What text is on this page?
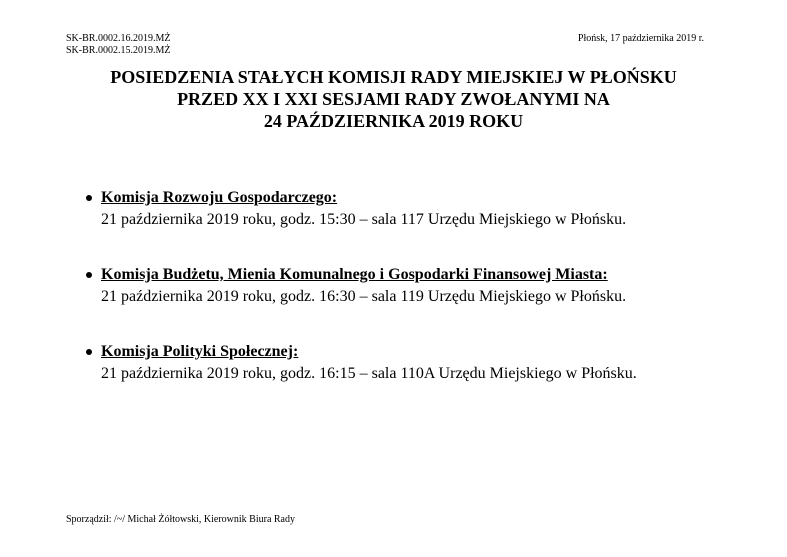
SK-BR.0002.16.2019.MŻ
SK-BR.0002.15.2019.MŻ
Płońsk, 17 października 2019 r.
POSIEDZENIA STAŁYCH KOMISJI RADY MIEJSKIEJ W PŁOŃSKU
PRZED XX I XXI SESJAMI RADY ZWOŁANYMI NA
24 PAŹDZIERNIKA 2019 ROKU
Komisja Rozwoju Gospodarczego:
21 października 2019 roku, godz. 15:30 – sala 117 Urzędu Miejskiego w Płońsku.
Komisja Budżetu, Mienia Komunalnego i Gospodarki Finansowej Miasta:
21 października 2019 roku, godz. 16:30 – sala 119 Urzędu Miejskiego w Płońsku.
Komisja Polityki Społecznej:
21 października 2019 roku, godz. 16:15 – sala 110A Urzędu Miejskiego w Płońsku.
Sporządził: /~/ Michał Żółtowski, Kierownik Biura Rady
